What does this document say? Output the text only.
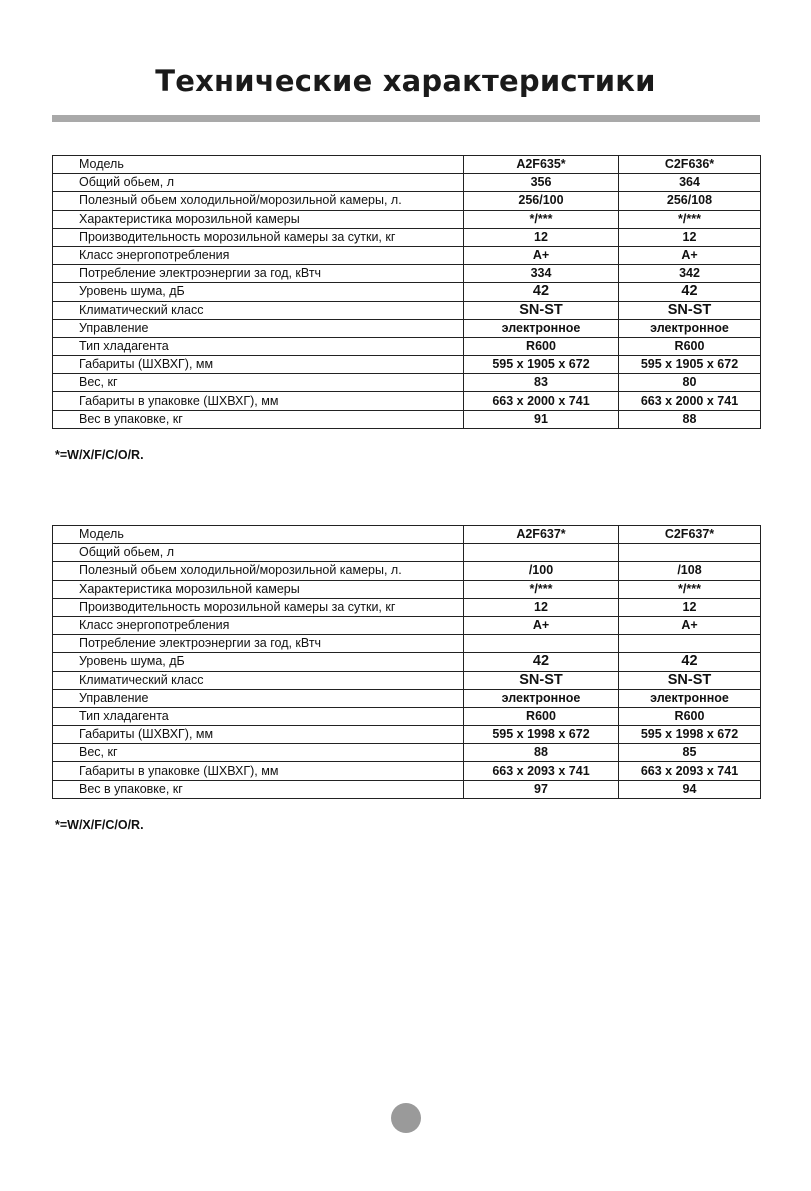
Технические характеристики
Модель	A2F635*	C2F636*
Общий обьем, л	356	364
Полезный обьем холодильной/морозильной камеры, л.	256/100	256/108
Характеристика морозильной камеры	*/***	*/***
Производительность морозильной камеры за сутки, кг	12	12
Класс энергопотребления	A+	A+
Потребление электроэнергии за год, кВтч	334	342
Уровень шума, дБ	42	42
Климатический класс	SN-ST	SN-ST
Управление	электронное	электронное
Тип хладагента	R600	R600
Габариты (ШХВХГ), мм	595 x 1905 x 672	595 x 1905 x 672
Вес, кг	83	80
Габариты в упаковке (ШХВХГ), мм	663 x 2000 x 741	663 x 2000 x 741
Вес в упаковке, кг	91	88
*=W/X/F/C/O/R.
Модель	A2F637*	C2F637*
Общий обьем, л		
Полезный обьем холодильной/морозильной камеры, л.	/100	/108
Характеристика морозильной камеры	*/***	*/***
Производительность морозильной камеры за сутки, кг	12	12
Класс энергопотребления	A+	A+
Потребление электроэнергии за год, кВтч		
Уровень шума, дБ	42	42
Климатический класс	SN-ST	SN-ST
Управление	электронное	электронное
Тип хладагента	R600	R600
Габариты (ШХВХГ), мм	595 x 1998 x 672	595 x 1998 x 672
Вес, кг	88	85
Габариты в упаковке (ШХВХГ), мм	663 x 2093 x 741	663 x 2093 x 741
Вес в упаковке, кг	97	94
*=W/X/F/C/O/R.
